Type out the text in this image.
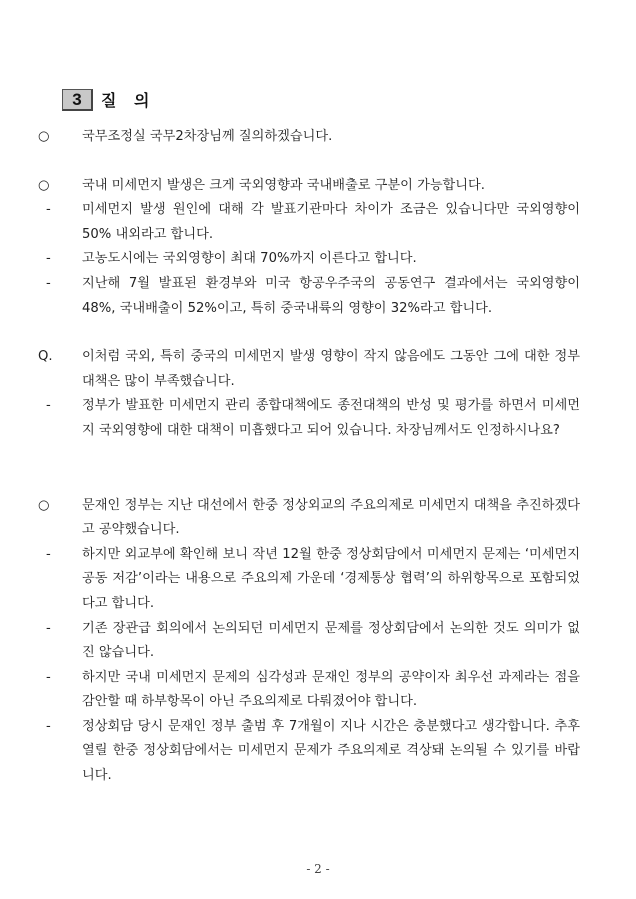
3	질 의

○ 국무조정실 국무2차장님께 질의하겠습니다.

○ 국내 미세먼지 발생은 크게 국외영향과 국내배출로 구분이 가능합니다.

- 미세먼지 발생 원인에 대해 각 발표기관마다 차이가 조금은 있습니다만 국외영향이 50% 내외라고 합니다.

- 고농도시에는 국외영향이 최대 70%까지 이른다고 합니다.

- 지난해 7월 발표된 환경부와 미국 항공우주국의 공동연구 결과에서는 국외영향이 48%, 국내배출이 52%이고, 특히 중국내륙의 영향이 32%라고 합니다.

Q. 이처럼 국외, 특히 중국의 미세먼지 발생 영향이 작지 않음에도 그동안 그에 대한 정부 대책은 많이 부족했습니다.

- 정부가 발표한 미세먼지 관리 종합대책에도 종전대책의 반성 및 평가를 하면서 미세먼지 국외영향에 대한 대책이 미흡했다고 되어 있습니다. 차장님께서도 인정하시나요?

○ 문재인 정부는 지난 대선에서 한중 정상외교의 주요의제로 미세먼지 대책을 추진하겠다고 공약했습니다.

- 하지만 외교부에 확인해 보니 작년 12월 한중 정상회담에서 미세먼지 문제는 ‘미세먼지 공동 저감’이라는 내용으로 주요의제 가운데 ‘경제통상 협력’의 하위항목으로 포함되었다고 합니다.

- 기존 장관급 회의에서 논의되던 미세먼지 문제를 정상회담에서 논의한 것도 의미가 없진 않습니다.

- 하지만 국내 미세먼지 문제의 심각성과 문재인 정부의 공약이자 최우선 과제라는 점을 감안할 때 하부항목이 아닌 주요의제로 다뤄졌어야 합니다.

- 정상회담 당시 문재인 정부 출범 후 7개월이 지나 시간은 충분했다고 생각합니다. 추후 열릴 한중 정상회담에서는 미세먼지 문제가 주요의제로 격상돼 논의될 수 있기를 바랍니다.

- 2 -
